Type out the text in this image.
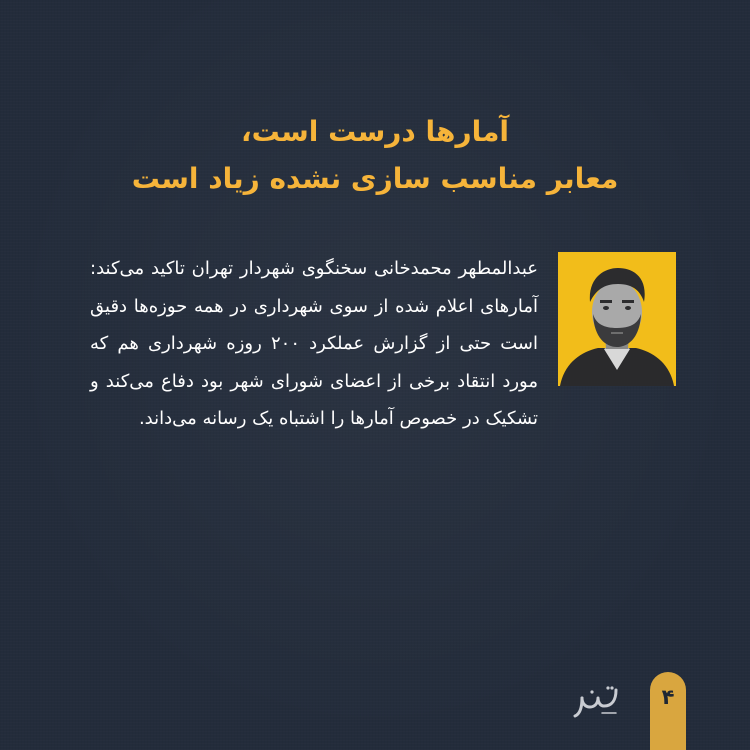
آمارها درست است،
معابر مناسب سازی نشده زیاد است

عبدالمطهر محمدخانی سخنگوی شهردار تهران تاکید می‌کند: آمارهای اعلام شده از سوی شهرداری در همه حوزه‌ها دقیق است حتی از گزارش عملکرد ۲۰۰ روزه شهرداری هم که مورد انتقاد برخی از اعضای شورای شهر بود دفاع می‌کند و تشکیک در خصوص آمارها را اشتباه یک رسانه می‌داند.

۴
